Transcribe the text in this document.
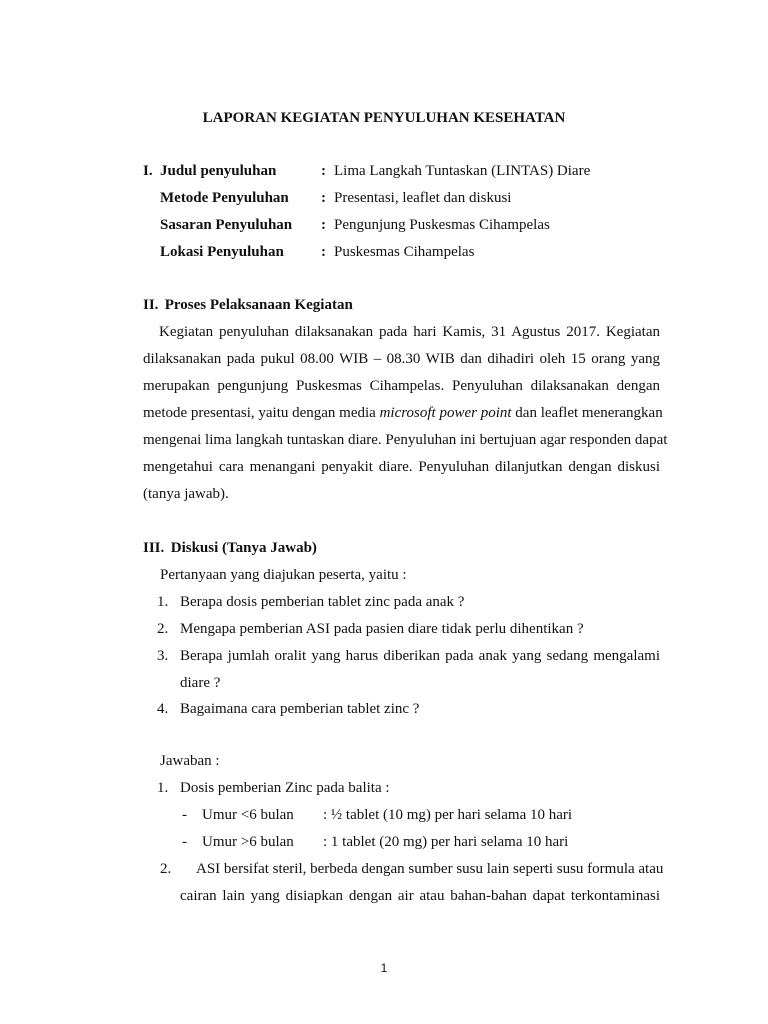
LAPORAN KEGIATAN PENYULUHAN KESEHATAN
I. Judul penyuluhan	: Lima Langkah Tuntaskan (LINTAS) Diare
Metode Penyuluhan : Presentasi, leaflet dan diskusi
Sasaran Penyuluhan : Pengunjung Puskesmas Cihampelas
Lokasi Penyuluhan : Puskesmas Cihampelas
II. Proses Pelaksanaan Kegiatan
Kegiatan penyuluhan dilaksanakan pada hari Kamis, 31 Agustus 2017. Kegiatan
dilaksanakan pada pukul 08.00 WIB – 08.30 WIB dan dihadiri oleh 15 orang yang
merupakan pengunjung Puskesmas Cihampelas. Penyuluhan dilaksanakan dengan
metode presentasi, yaitu dengan media microsoft power point dan leaflet menerangkan
mengenai lima langkah tuntaskan diare. Penyuluhan ini bertujuan agar responden dapat
mengetahui cara menangani penyakit diare. Penyuluhan dilanjutkan dengan diskusi
(tanya jawab).
III. Diskusi (Tanya Jawab)
Pertanyaan yang diajukan peserta, yaitu :
1. Berapa dosis pemberian tablet zinc pada anak ?
2. Mengapa pemberian ASI pada pasien diare tidak perlu dihentikan ?
3. Berapa jumlah oralit yang harus diberikan pada anak yang sedang mengalami
diare ?
4. Bagaimana cara pemberian tablet zinc ?
Jawaban :
1. Dosis pemberian Zinc pada balita :
- Umur <6 bulan : ½ tablet (10 mg) per hari selama 10 hari
- Umur >6 bulan : 1 tablet (20 mg) per hari selama 10 hari
2. ASI bersifat steril, berbeda dengan sumber susu lain seperti susu formula atau
cairan lain yang disiapkan dengan air atau bahan-bahan dapat terkontaminasi
1
